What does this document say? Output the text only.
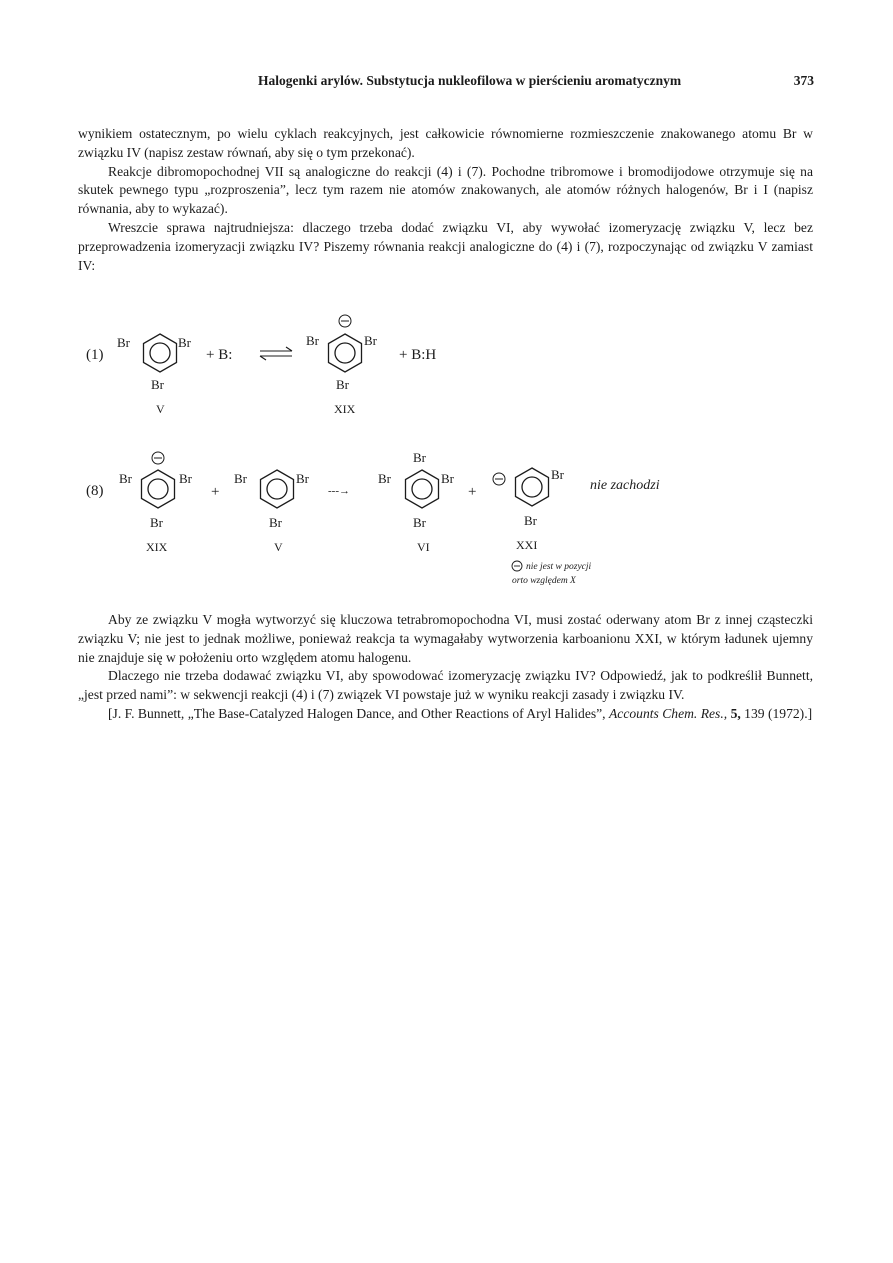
Halogenki arylów. Substytucja nukleofilowa w pierścieniu aromatycznym	373

wynikiem ostatecznym, po wielu cyklach reakcyjnych, jest całkowicie równomierne rozmieszczenie znakowanego atomu Br w związku IV (napisz zestaw równań, aby się o tym przekonać).

Reakcje dibromopochodnej VII są analogiczne do reakcji (4) i (7). Pochodne tribromowe i bromodijodowe otrzymuje się na skutek pewnego typu „rozproszenia”, lecz tym razem nie atomów znakowanych, ale atomów różnych halogenów, Br i I (napisz równania, aby to wykazać).

Wreszcie sprawa najtrudniejsza: dlaczego trzeba dodać związku VI, aby wywołać izomeryzację związku V, lecz bez przeprowadzenia izomeryzacji związku IV? Piszemy równania reakcji analogiczne do (4) i (7), rozpoczynając od związku V zamiast IV:

(1)
Br	Br
Br
V
+ B:
Br	Br
Br
XIX
+ B:H
(8)
Br	Br
Br
XIX
+
Br	Br
Br
V
---→
Br
Br	Br
Br
VI
+
Br
Br
XXI
nie zachodzi
nie jest w pozycji
orto względem X

Aby ze związku V mogła wytworzyć się kluczowa tetrabromopochodna VI, musi zostać oderwany atom Br z innej cząsteczki związku V; nie jest to jednak możliwe, ponieważ reakcja ta wymagałaby wytworzenia karboanionu XXI, w którym ładunek ujemny nie znajduje się w położeniu orto względem atomu halogenu.

Dlaczego nie trzeba dodawać związku VI, aby spowodować izomeryzację związku IV? Odpowiedź, jak to podkreślił Bunnett, „jest przed nami”: w sekwencji reakcji (4) i (7) związek VI powstaje już w wyniku reakcji zasady i związku IV.

[J. F. Bunnett, „The Base-Catalyzed Halogen Dance, and Other Reactions of Aryl Halides”, Accounts Chem. Res., 5, 139 (1972).]
